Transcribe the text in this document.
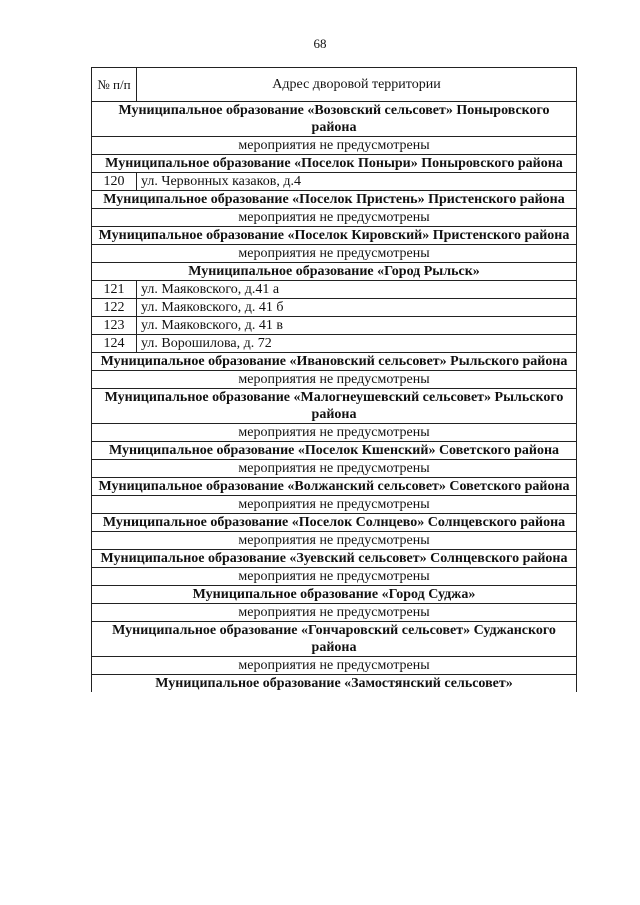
68
№ п/п	Адрес дворовой территории
Муниципальное образование «Возовский сельсовет» Поныровского района	
мероприятия не предусмотрены	
Муниципальное образование «Поселок Поныри» Поныровского района	
120	ул. Червонных казаков, д.4
Муниципальное образование «Поселок Пристень» Пристенского района	
мероприятия не предусмотрены	
Муниципальное образование «Поселок Кировский» Пристенского района	
мероприятия не предусмотрены	
Муниципальное образование «Город Рыльск»	
121	ул. Маяковского, д.41 а
122	ул. Маяковского, д. 41 б
123	ул. Маяковского, д. 41 в
124	ул. Ворошилова, д. 72
Муниципальное образование «Ивановский сельсовет» Рыльского района	
мероприятия не предусмотрены	
Муниципальное образование «Малогнеушевский сельсовет» Рыльского района	
мероприятия не предусмотрены	
Муниципальное образование «Поселок Кшенский» Советского района	
мероприятия не предусмотрены	
Муниципальное образование «Волжанский сельсовет» Советского района	
мероприятия не предусмотрены	
Муниципальное образование «Поселок Солнцево» Солнцевского района	
мероприятия не предусмотрены	
Муниципальное образование «Зуевский сельсовет» Солнцевского района	
мероприятия не предусмотрены	
Муниципальное образование «Город Суджа»	
мероприятия не предусмотрены	
Муниципальное образование «Гончаровский сельсовет» Суджанского района	
мероприятия не предусмотрены	
Муниципальное образование «Замостянский сельсовет»	
